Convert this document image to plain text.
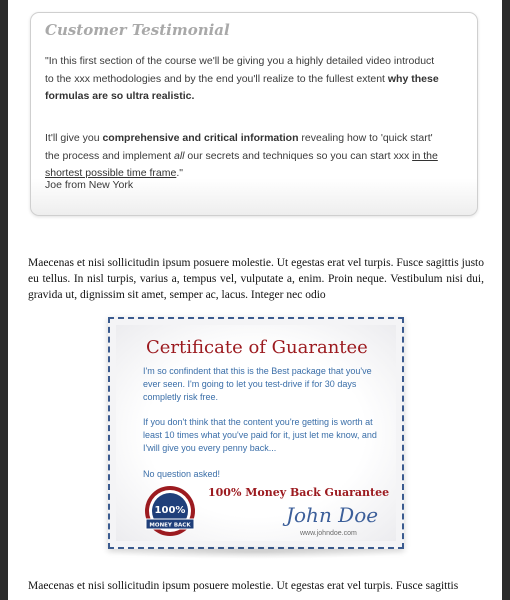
Customer Testimonial
"In this first section of the course we'll be giving you a highly detailed video introduct to the xxx methodologies and by the end you'll realize to the fullest extent why these formulas are so ultra realistic.
It'll give you comprehensive and critical information revealing how to 'quick start' the process and implement all our secrets and techniques so you can start xxx in the shortest possible time frame."
Joe from New York
Maecenas et nisi sollicitudin ipsum posuere molestie. Ut egestas erat vel turpis. Fusce sagittis justo eu tellus. In nisl turpis, varius a, tempus vel, vulputate a, enim. Proin neque. Vestibulum nisi dui, gravida ut, dignissim sit amet, semper ac, lacus. Integer nec odio
Certificate of Guarantee
I'm so confindent that this is the Best package that you've ever seen. I'm going to let you test-drive if for 30 days completly risk free.
If you don't think that the content you're getting is worth at least 10 times what you've paid for it, just let me know, and I'will give you every penny back...
No question asked!
100%
MONEY BACK
100% Money Back Guarantee
John Doe
www.johndoe.com
Maecenas et nisi sollicitudin ipsum posuere molestie. Ut egestas erat vel turpis. Fusce sagittis
